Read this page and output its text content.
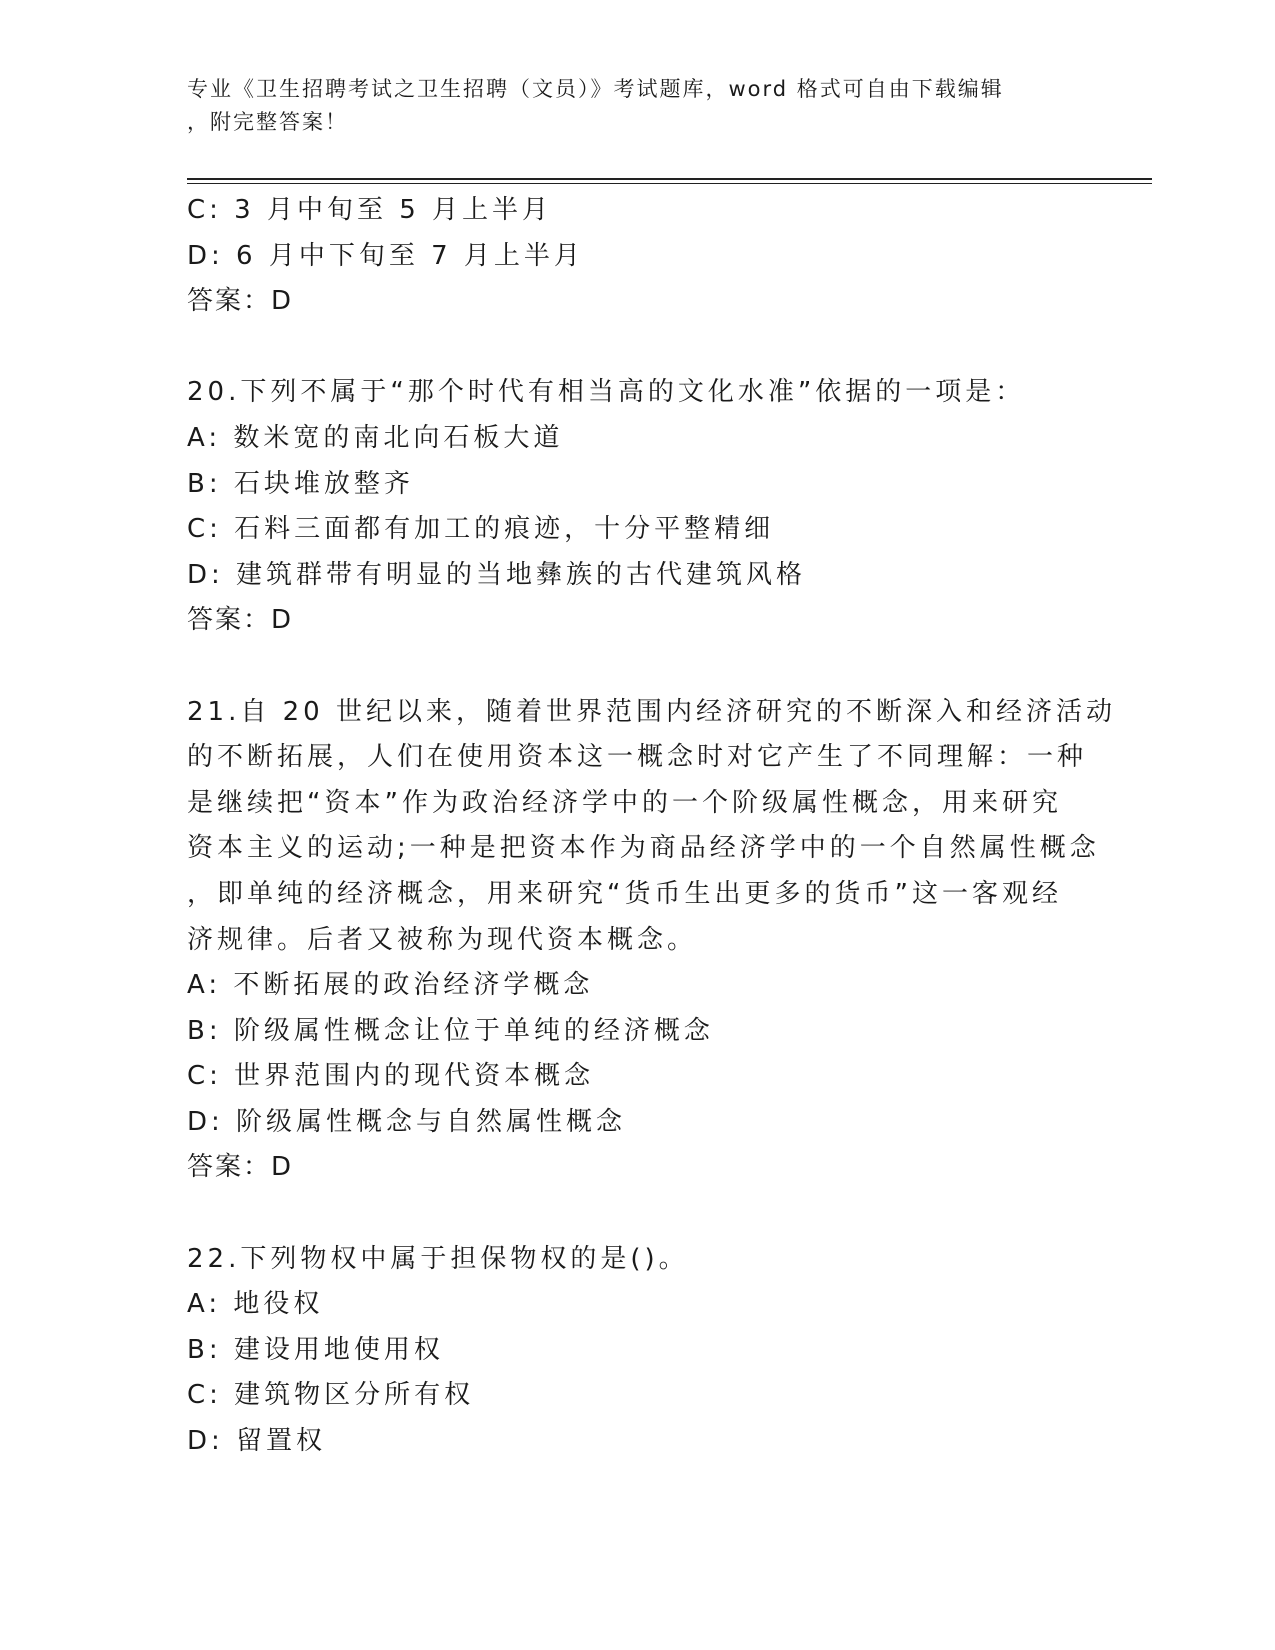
专业《卫生招聘考试之卫生招聘（文员）》考试题库，word 格式可自由下载编辑
，附完整答案！
C: 3 月中旬至 5 月上半月
D: 6 月中下旬至 7 月上半月
答案：D
20.下列不属于“那个时代有相当高的文化水准”依据的一项是：
A: 数米宽的南北向石板大道
B: 石块堆放整齐
C: 石料三面都有加工的痕迹，十分平整精细
D: 建筑群带有明显的当地彝族的古代建筑风格
答案：D
21.自 20 世纪以来，随着世界范围内经济研究的不断深入和经济活动
的不断拓展，人们在使用资本这一概念时对它产生了不同理解：一种
是继续把“资本”作为政治经济学中的一个阶级属性概念，用来研究
资本主义的运动;一种是把资本作为商品经济学中的一个自然属性概念
，即单纯的经济概念，用来研究“货币生出更多的货币”这一客观经
济规律。后者又被称为现代资本概念。
A: 不断拓展的政治经济学概念
B: 阶级属性概念让位于单纯的经济概念
C: 世界范围内的现代资本概念
D: 阶级属性概念与自然属性概念
答案：D
22.下列物权中属于担保物权的是()。
A: 地役权
B: 建设用地使用权
C: 建筑物区分所有权
D: 留置权
